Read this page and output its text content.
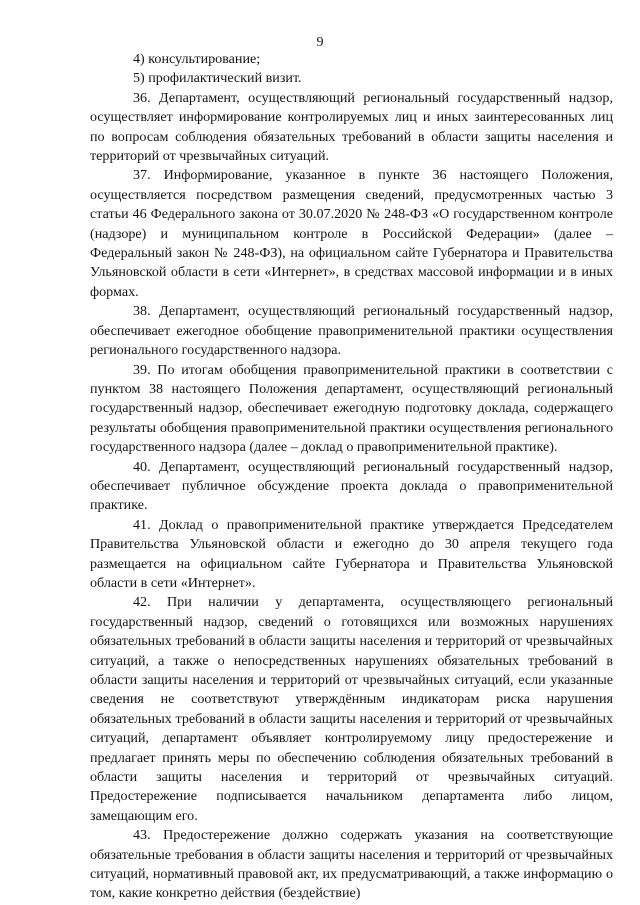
9

4) консультирование;

5) профилактический визит.

36. Департамент, осуществляющий региональный государственный надзор, осуществляет информирование контролируемых лиц и иных заинтересованных лиц по вопросам соблюдения обязательных требований в области защиты населения и территорий от чрезвычайных ситуаций.

37. Информирование, указанное в пункте 36 настоящего Положения, осуществляется посредством размещения сведений, предусмотренных частью 3 статьи 46 Федерального закона от 30.07.2020 № 248-ФЗ «О государственном контроле (надзоре) и муниципальном контроле в Российской Федерации» (далее – Федеральный закон № 248-ФЗ), на официальном сайте Губернатора и Правительства Ульяновской области в сети «Интернет», в средствах массовой информации и в иных формах.

38. Департамент, осуществляющий региональный государственный надзор, обеспечивает ежегодное обобщение правоприменительной практики осуществления регионального государственного надзора.

39. По итогам обобщения правоприменительной практики в соответствии с пунктом 38 настоящего Положения департамент, осуществляющий региональный государственный надзор, обеспечивает ежегодную подготовку доклада, содержащего результаты обобщения правоприменительной практики осуществления регионального государственного надзора (далее – доклад о правоприменительной практике).

40. Департамент, осуществляющий региональный государственный надзор, обеспечивает публичное обсуждение проекта доклада о правоприменительной практике.

41. Доклад о правоприменительной практике утверждается Председателем Правительства Ульяновской области и ежегодно до 30 апреля текущего года размещается на официальном сайте Губернатора и Правительства Ульяновской области в сети «Интернет».

42. При наличии у департамента, осуществляющего региональный государственный надзор, сведений о готовящихся или возможных нарушениях обязательных требований в области защиты населения и территорий от чрезвычайных ситуаций, а также о непосредственных нарушениях обязательных требований в области защиты населения и территорий от чрезвычайных ситуаций, если указанные сведения не соответствуют утверждённым индикаторам риска нарушения обязательных требований в области защиты населения и территорий от чрезвычайных ситуаций, департамент объявляет контролируемому лицу предостережение и предлагает принять меры по обеспечению соблюдения обязательных требований в области защиты населения и территорий от чрезвычайных ситуаций. Предостережение подписывается начальником департамента либо лицом, замещающим его.

43. Предостережение должно содержать указания на соответствующие обязательные требования в области защиты населения и территорий от чрезвычайных ситуаций, нормативный правовой акт, их предусматривающий, а также информацию о том, какие конкретно действия (бездействие)
